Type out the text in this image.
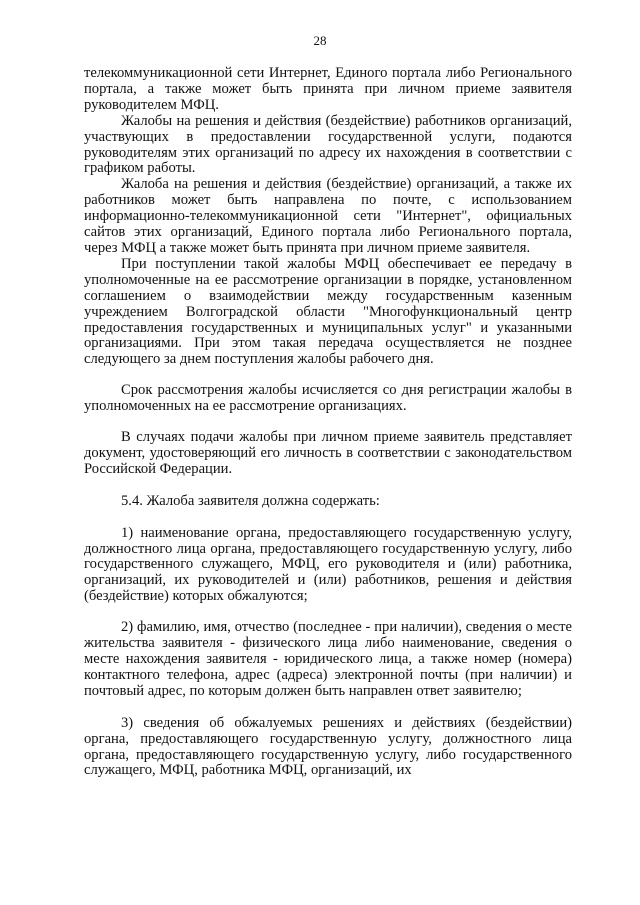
28

телекоммуникационной сети Интернет, Единого портала либо Регионального портала, а также может быть принята при личном приеме заявителя руководителем МФЦ.

Жалобы на решения и действия (бездействие) работников организаций, участвующих в предоставлении государственной услуги, подаются руководителям этих организаций по адресу их нахождения в соответствии с графиком работы.

Жалоба на решения и действия (бездействие) организаций, а также их работников может быть направлена по почте, с использованием информационно-телекоммуникационной сети "Интернет", официальных сайтов этих организаций, Единого портала либо Регионального портала, через МФЦ а также может быть принята при личном приеме заявителя.

При поступлении такой жалобы МФЦ обеспечивает ее передачу в уполномоченные на ее рассмотрение организации в порядке, установленном соглашением о взаимодействии между государственным казенным учреждением Волгоградской области "Многофункциональный центр предоставления государственных и муниципальных услуг" и указанными организациями. При этом такая передача осуществляется не позднее следующего за днем поступления жалобы рабочего дня.

Срок рассмотрения жалобы исчисляется со дня регистрации жалобы в уполномоченных на ее рассмотрение организациях.

В случаях подачи жалобы при личном приеме заявитель представляет документ, удостоверяющий его личность в соответствии с законодательством Российской Федерации.

5.4. Жалоба заявителя должна содержать:

1) наименование органа, предоставляющего государственную услугу, должностного лица органа, предоставляющего государственную услугу, либо государственного служащего, МФЦ, его руководителя и (или) работника, организаций, их руководителей и (или) работников, решения и действия (бездействие) которых обжалуются;

2) фамилию, имя, отчество (последнее - при наличии), сведения о месте жительства заявителя - физического лица либо наименование, сведения о месте нахождения заявителя - юридического лица, а также номер (номера) контактного телефона, адрес (адреса) электронной почты (при наличии) и почтовый адрес, по которым должен быть направлен ответ заявителю;

3) сведения об обжалуемых решениях и действиях (бездействии) органа, предоставляющего государственную услугу, должностного лица органа, предоставляющего государственную услугу, либо государственного служащего, МФЦ, работника МФЦ, организаций, их
